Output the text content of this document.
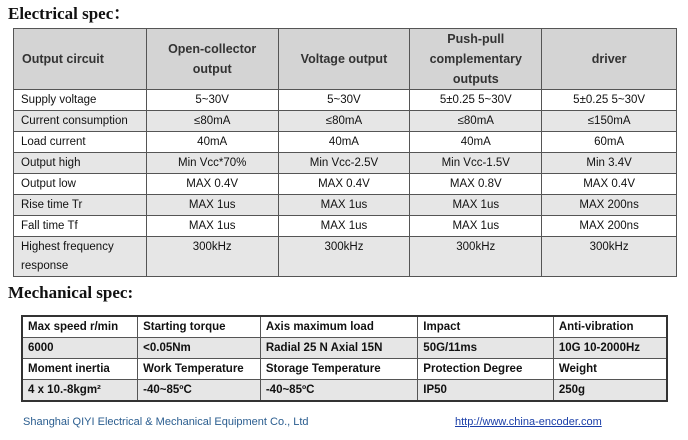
Electrical spec：
Output circuit	Open-collector output	Voltage output	Push-pull complementary outputs	driver
Supply voltage	5~30V	5~30V	5±0.25 5~30V	5±0.25 5~30V
Current consumption	≤80mA	≤80mA	≤80mA	≤150mA
Load current	40mA	40mA	40mA	60mA
Output high	Min Vcc*70%	Min Vcc-2.5V	Min Vcc-1.5V	Min 3.4V
Output low	MAX 0.4V	MAX 0.4V	MAX 0.8V	MAX 0.4V
Rise time Tr	MAX 1us	MAX 1us	MAX 1us	MAX 200ns
Fall time Tf	MAX 1us	MAX 1us	MAX 1us	MAX 200ns
Highest frequency response	300kHz	300kHz	300kHz	300kHz
Mechanical spec:
Max speed r/min	Starting torque	Axis maximum load	Impact	Anti-vibration
6000	<0.05Nm	Radial 25 N Axial 15N	50G/11ms	10G 10-2000Hz
Moment inertia	Work Temperature	Storage Temperature	Protection Degree	Weight
4 x 10.-8kgm²	-40~85ºC	-40~85ºC	IP50	250g
Shanghai QIYI Electrical & Mechanical Equipment Co., Ltd	http://www.china-encoder.com
